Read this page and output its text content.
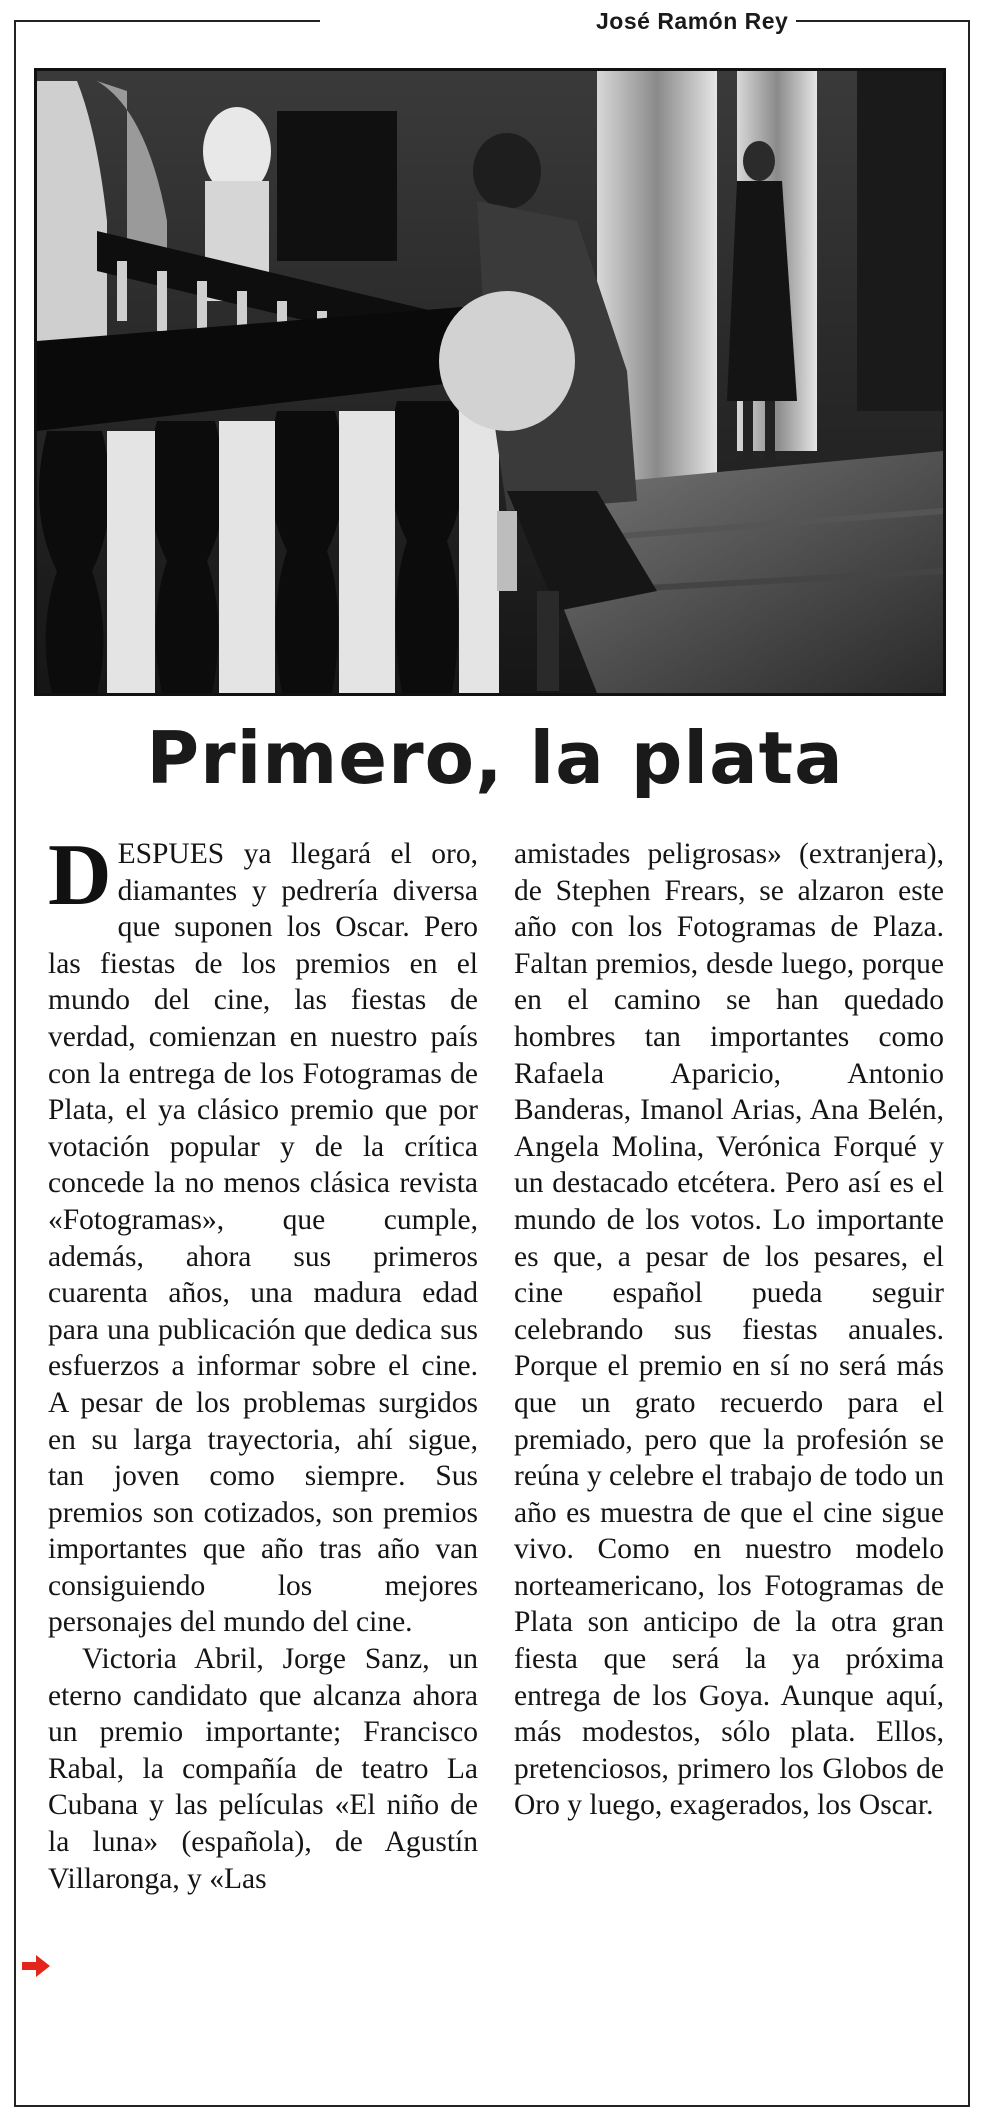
José Ramón Rey
Primero, la plata

DESPUES ya llegará el oro, diamantes y pedrería diversa que suponen los Oscar. Pero las fiestas de los premios en el mundo del cine, las fiestas de verdad, comienzan en nuestro país con la entrega de los Fotogramas de Plata, el ya clásico premio que por votación popular y de la crítica concede la no menos clásica revista «Fotogramas», que cumple, además, ahora sus primeros cuarenta años, una madura edad para una publicación que dedica sus esfuerzos a informar sobre el cine. A pesar de los problemas surgidos en su larga trayectoria, ahí sigue, tan joven como siempre. Sus premios son cotizados, son premios importantes que año tras año van consiguiendo los mejores personajes del mundo del cine.

Victoria Abril, Jorge Sanz, un eterno candidato que alcanza ahora un premio importante; Francisco Rabal, la compañía de teatro La Cubana y las películas «El niño de la luna» (española), de Agustín Villaronga, y «Las

amistades peligrosas» (extranjera), de Stephen Frears, se alzaron este año con los Fotogramas de Plaza. Faltan premios, desde luego, porque en el camino se han quedado hombres tan importantes como Rafaela Aparicio, Antonio Banderas, Imanol Arias, Ana Belén, Angela Molina, Verónica Forqué y un destacado etcétera. Pero así es el mundo de los votos. Lo importante es que, a pesar de los pesares, el cine español pueda seguir celebrando sus fiestas anuales. Porque el premio en sí no será más que un grato recuerdo para el premiado, pero que la profesión se reúna y celebre el trabajo de todo un año es muestra de que el cine sigue vivo. Como en nuestro modelo norteamericano, los Fotogramas de Plata son anticipo de la otra gran fiesta que será la ya próxima entrega de los Goya. Aunque aquí, más modestos, sólo plata. Ellos, pretenciosos, primero los Globos de Oro y luego, exagerados, los Oscar.
